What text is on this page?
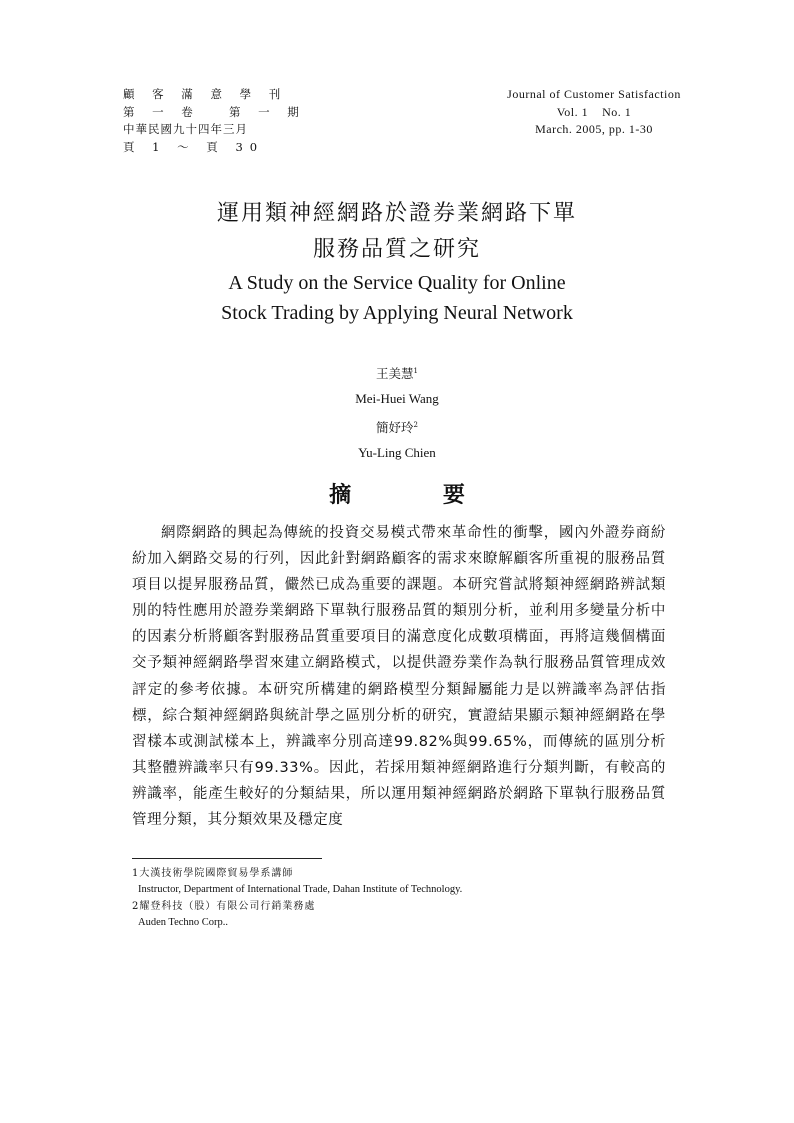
顧 客 滿 意 學 刊
第 一 卷　 第 一 期
中華民國九十四年三月
頁 1 ～ 頁 30
Journal of Customer Satisfaction
Vol. 1    No. 1
March. 2005, pp. 1-30
運用類神經網路於證券業網路下單
服務品質之研究
A Study on the Service Quality for Online
Stock Trading by Applying Neural Network
王美慧$^1$
Mei-Huei Wang
簡妤玲$^2$
Yu-Ling Chien
摘 要

網際網路的興起為傳統的投資交易模式帶來革命性的衝擊，國內外證券商紛紛加入網路交易的行列，因此針對網路顧客的需求來瞭解顧客所重視的服務品質項目以提昇服務品質，儼然已成為重要的課題。本研究嘗試將類神經網路辨試類別的特性應用於證券業網路下單執行服務品質的類別分析，並利用多變量分析中的因素分析將顧客對服務品質重要項目的滿意度化成數項構面，再將這幾個構面交予類神經網路學習來建立網路模式，以提供證券業作為執行服務品質管理成效評定的參考依據。本研究所構建的網路模型分類歸屬能力是以辨識率為評估指標，綜合類神經網路與統計學之區別分析的研究，實證結果顯示類神經網路在學習樣本或測試樣本上，辨識率分別高達99.82%與99.65%，而傳統的區別分析其整體辨識率只有99.33%。因此，若採用類神經網路進行分類判斷，有較高的辨識率，能產生較好的分類結果，所以運用類神經網路於網路下單執行服務品質管理分類，其分類效果及穩定度

1大漢技術學院國際貿易學系講師
Instructor, Department of International Trade, Dahan Institute of Technology.
2耀登科技（股）有限公司行銷業務處
Auden Techno Corp..
